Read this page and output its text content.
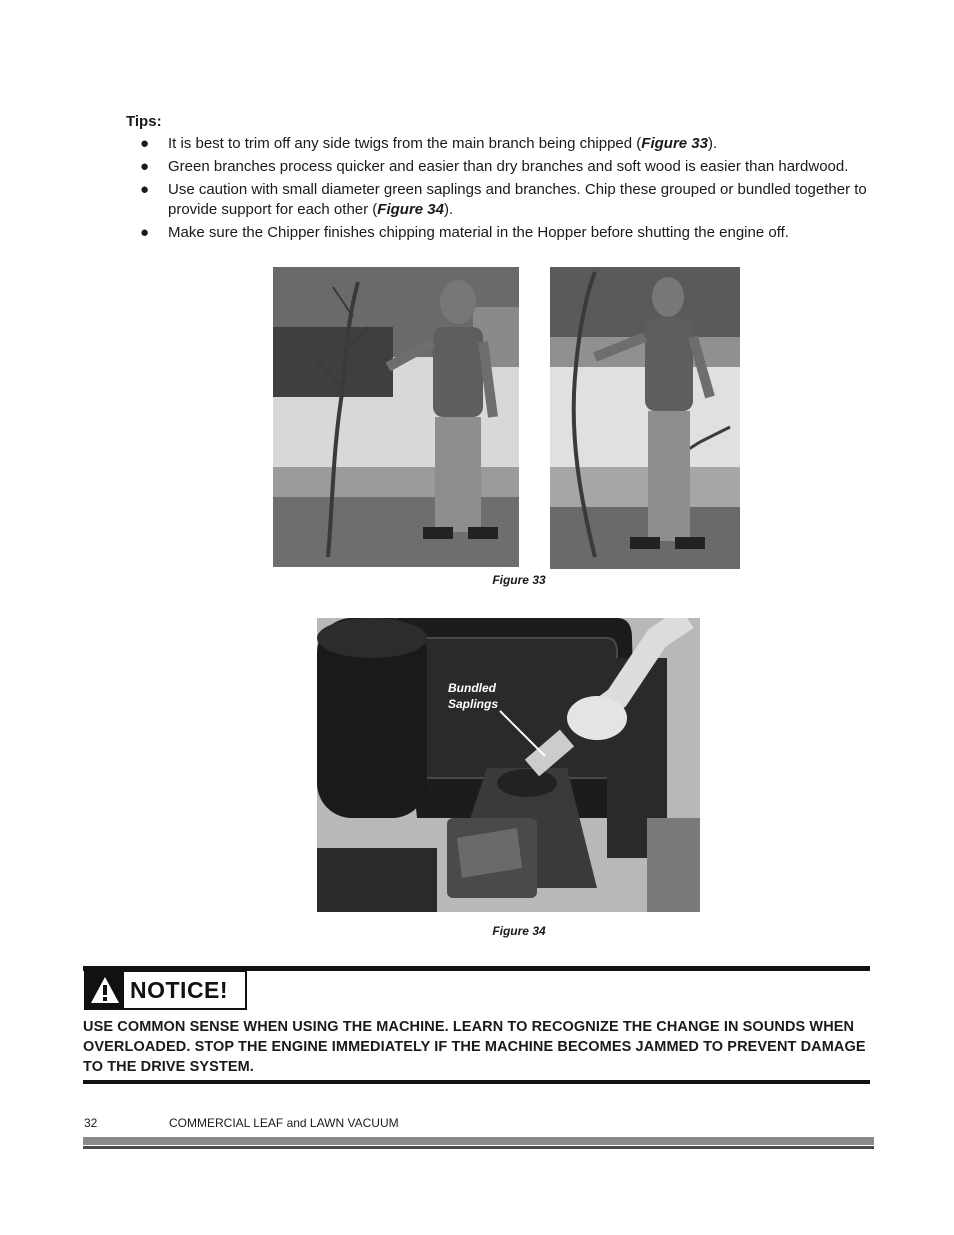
Tips:
● It is best to trim off any side twigs from the main branch being chipped (Figure 33).
● Green branches process quicker and easier than dry branches and soft wood is easier than hardwood.
● Use caution with small diameter green saplings and branches. Chip these grouped or bundled together to provide support for each other (Figure 34).
● Make sure the Chipper finishes chipping material in the Hopper before shutting the engine off.
Figure 33
Bundled
Saplings
Figure 34
NOTICE!
USE COMMON SENSE WHEN USING THE MACHINE. LEARN TO RECOGNIZE THE CHANGE IN SOUNDS WHEN OVERLOADED. STOP THE ENGINE IMMEDIATELY IF THE MACHINE BECOMES JAMMED TO PREVENT DAMAGE TO THE DRIVE SYSTEM.
32	COMMERCIAL LEAF and LAWN VACUUM
